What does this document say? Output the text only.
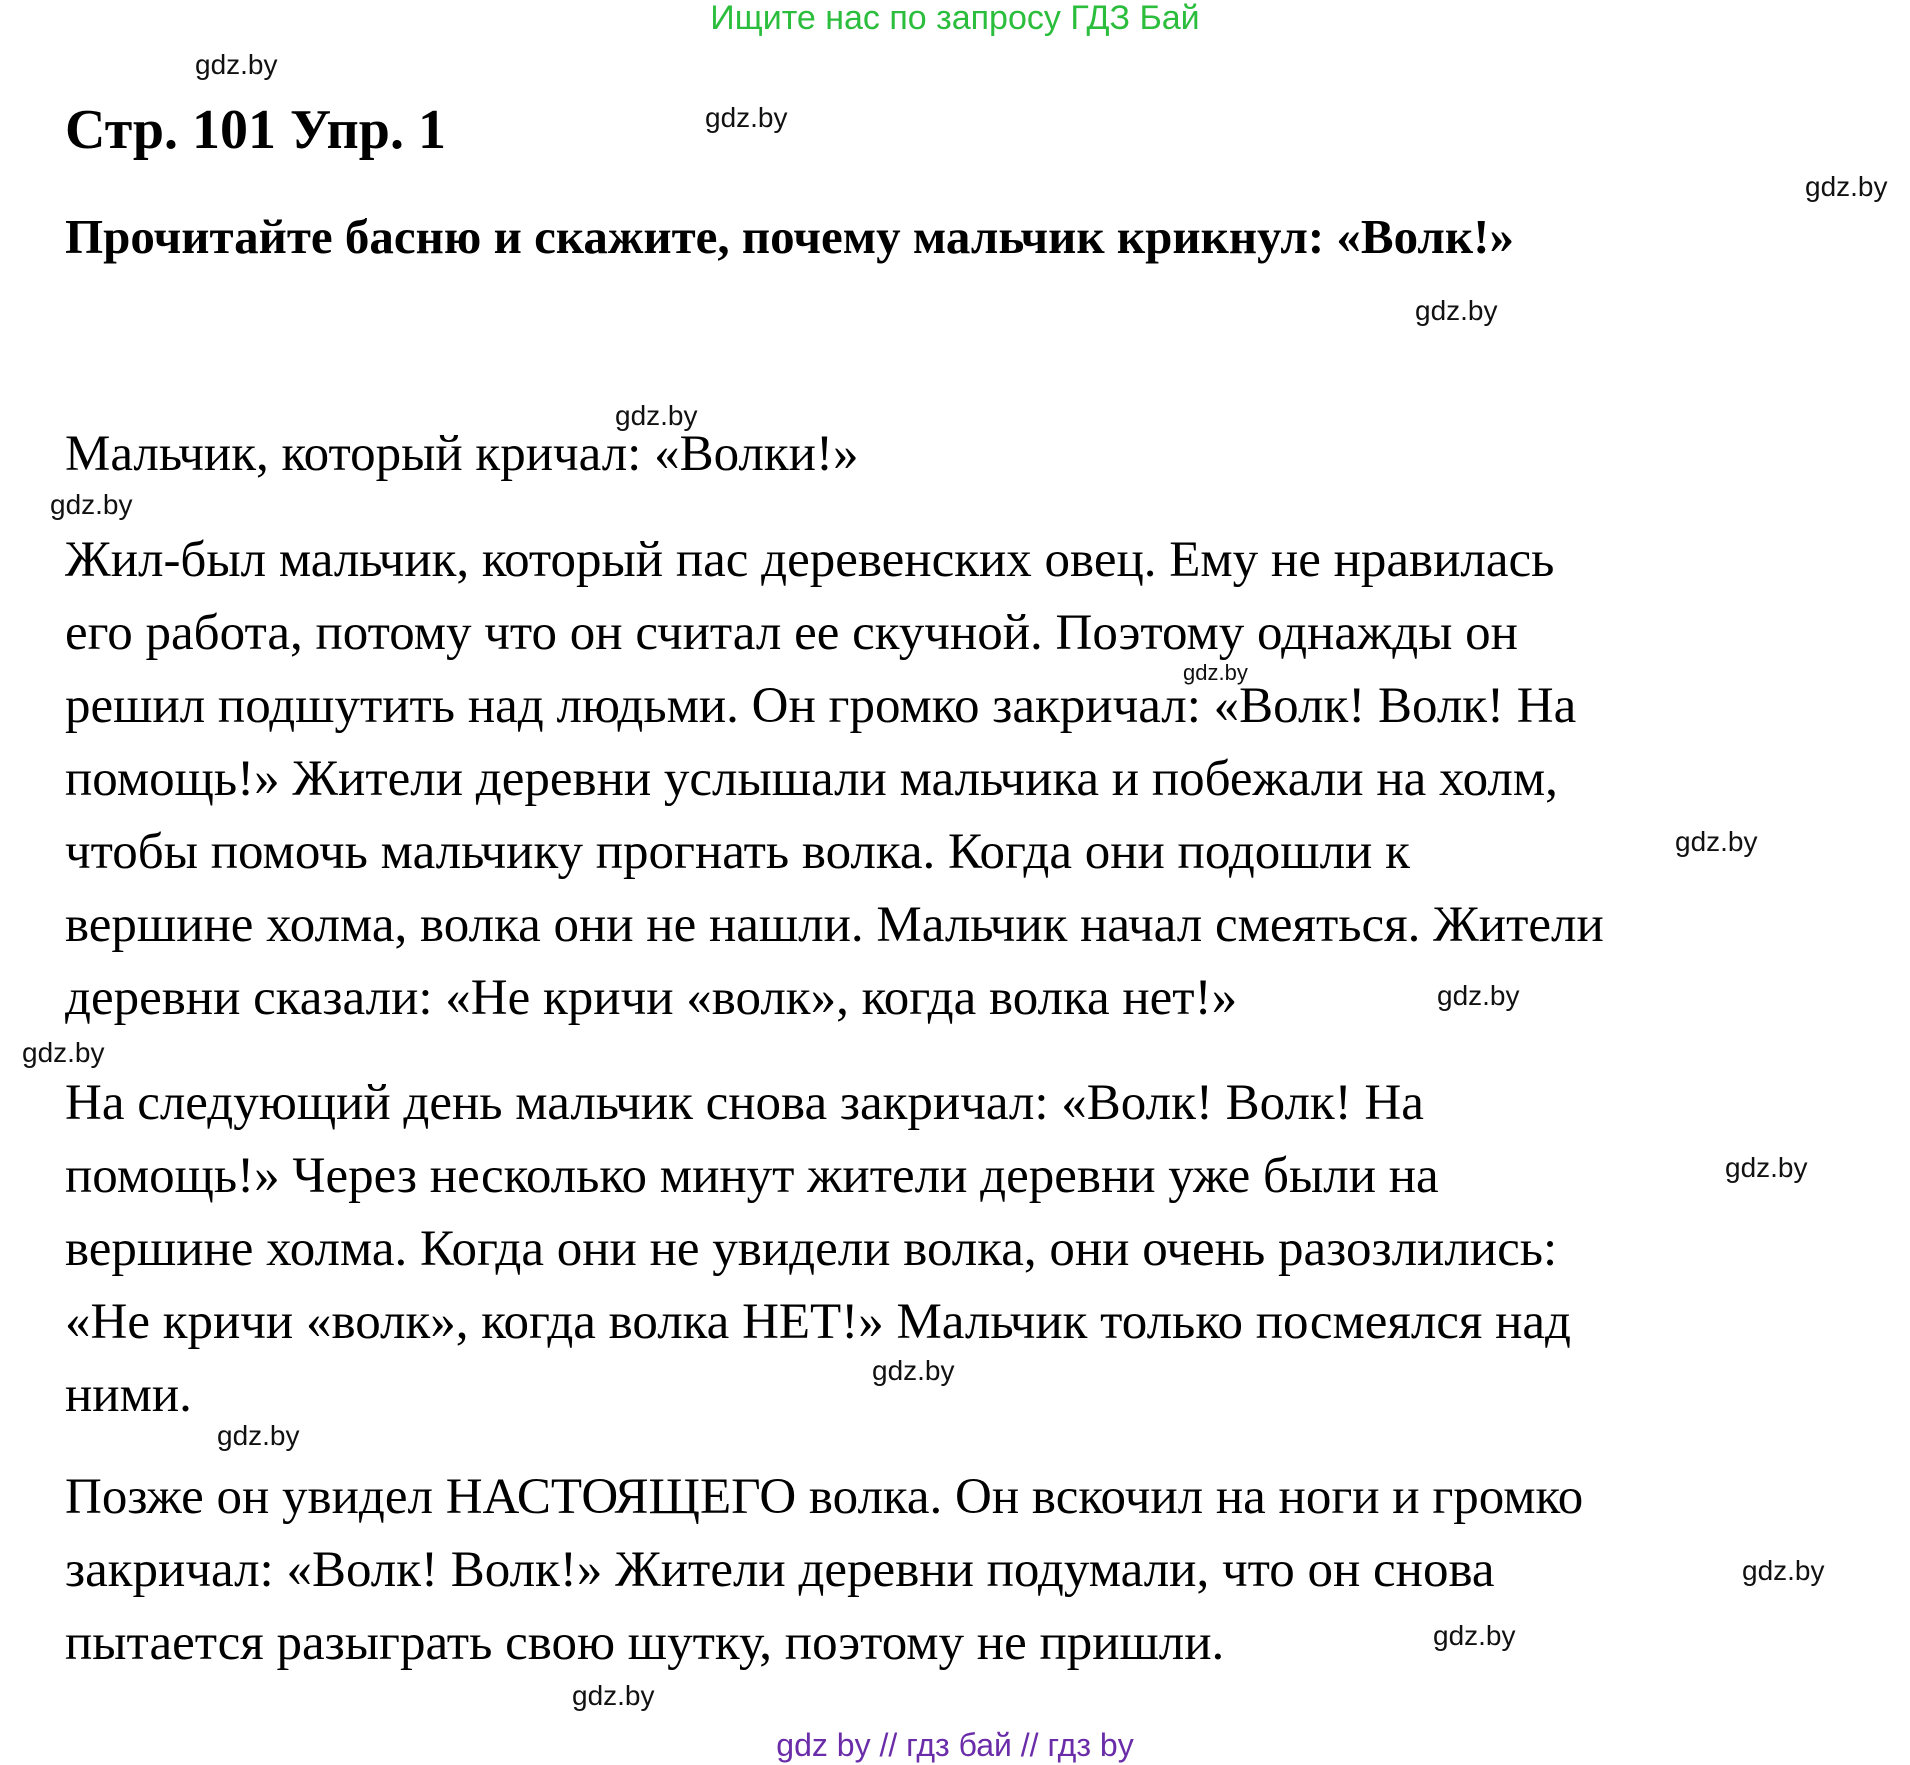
Ищите нас по запросу ГДЗ Бай
Стр. 101 Упр. 1
Прочитайте басню и скажите, почему мальчик крикнул: «Волк!»
Мальчик, который кричал: «Волки!»
Жил-был мальчик, который пас деревенских овец. Ему не нравилась
его работа, потому что он считал ее скучной. Поэтому однажды он
решил подшутить над людьми. Он громко закричал: «Волк! Волк! На
помощь!» Жители деревни услышали мальчика и побежали на холм,
чтобы помочь мальчику прогнать волка. Когда они подошли к
вершине холма, волка они не нашли. Мальчик начал смеяться. Жители
деревни сказали: «Не кричи «волк», когда волка нет!»
На следующий день мальчик снова закричал: «Волк! Волк! На
помощь!» Через несколько минут жители деревни уже были на
вершине холма. Когда они не увидели волка, они очень разозлились:
«Не кричи «волк», когда волка НЕТ!» Мальчик только посмеялся над
ними.
Позже он увидел НАСТОЯЩЕГО волка. Он вскочил на ноги и громко
закричал: «Волк! Волк!» Жители деревни подумали, что он снова
пытается разыграть свою шутку, поэтому не пришли.
gdz.by
gdz.by
gdz.by
gdz.by
gdz.by
gdz.by
gdz.by
gdz.by
gdz.by
gdz.by
gdz.by
gdz.by
gdz.by
gdz.by
gdz.by
gdz.by
gdz by // гдз бай // гдз by
